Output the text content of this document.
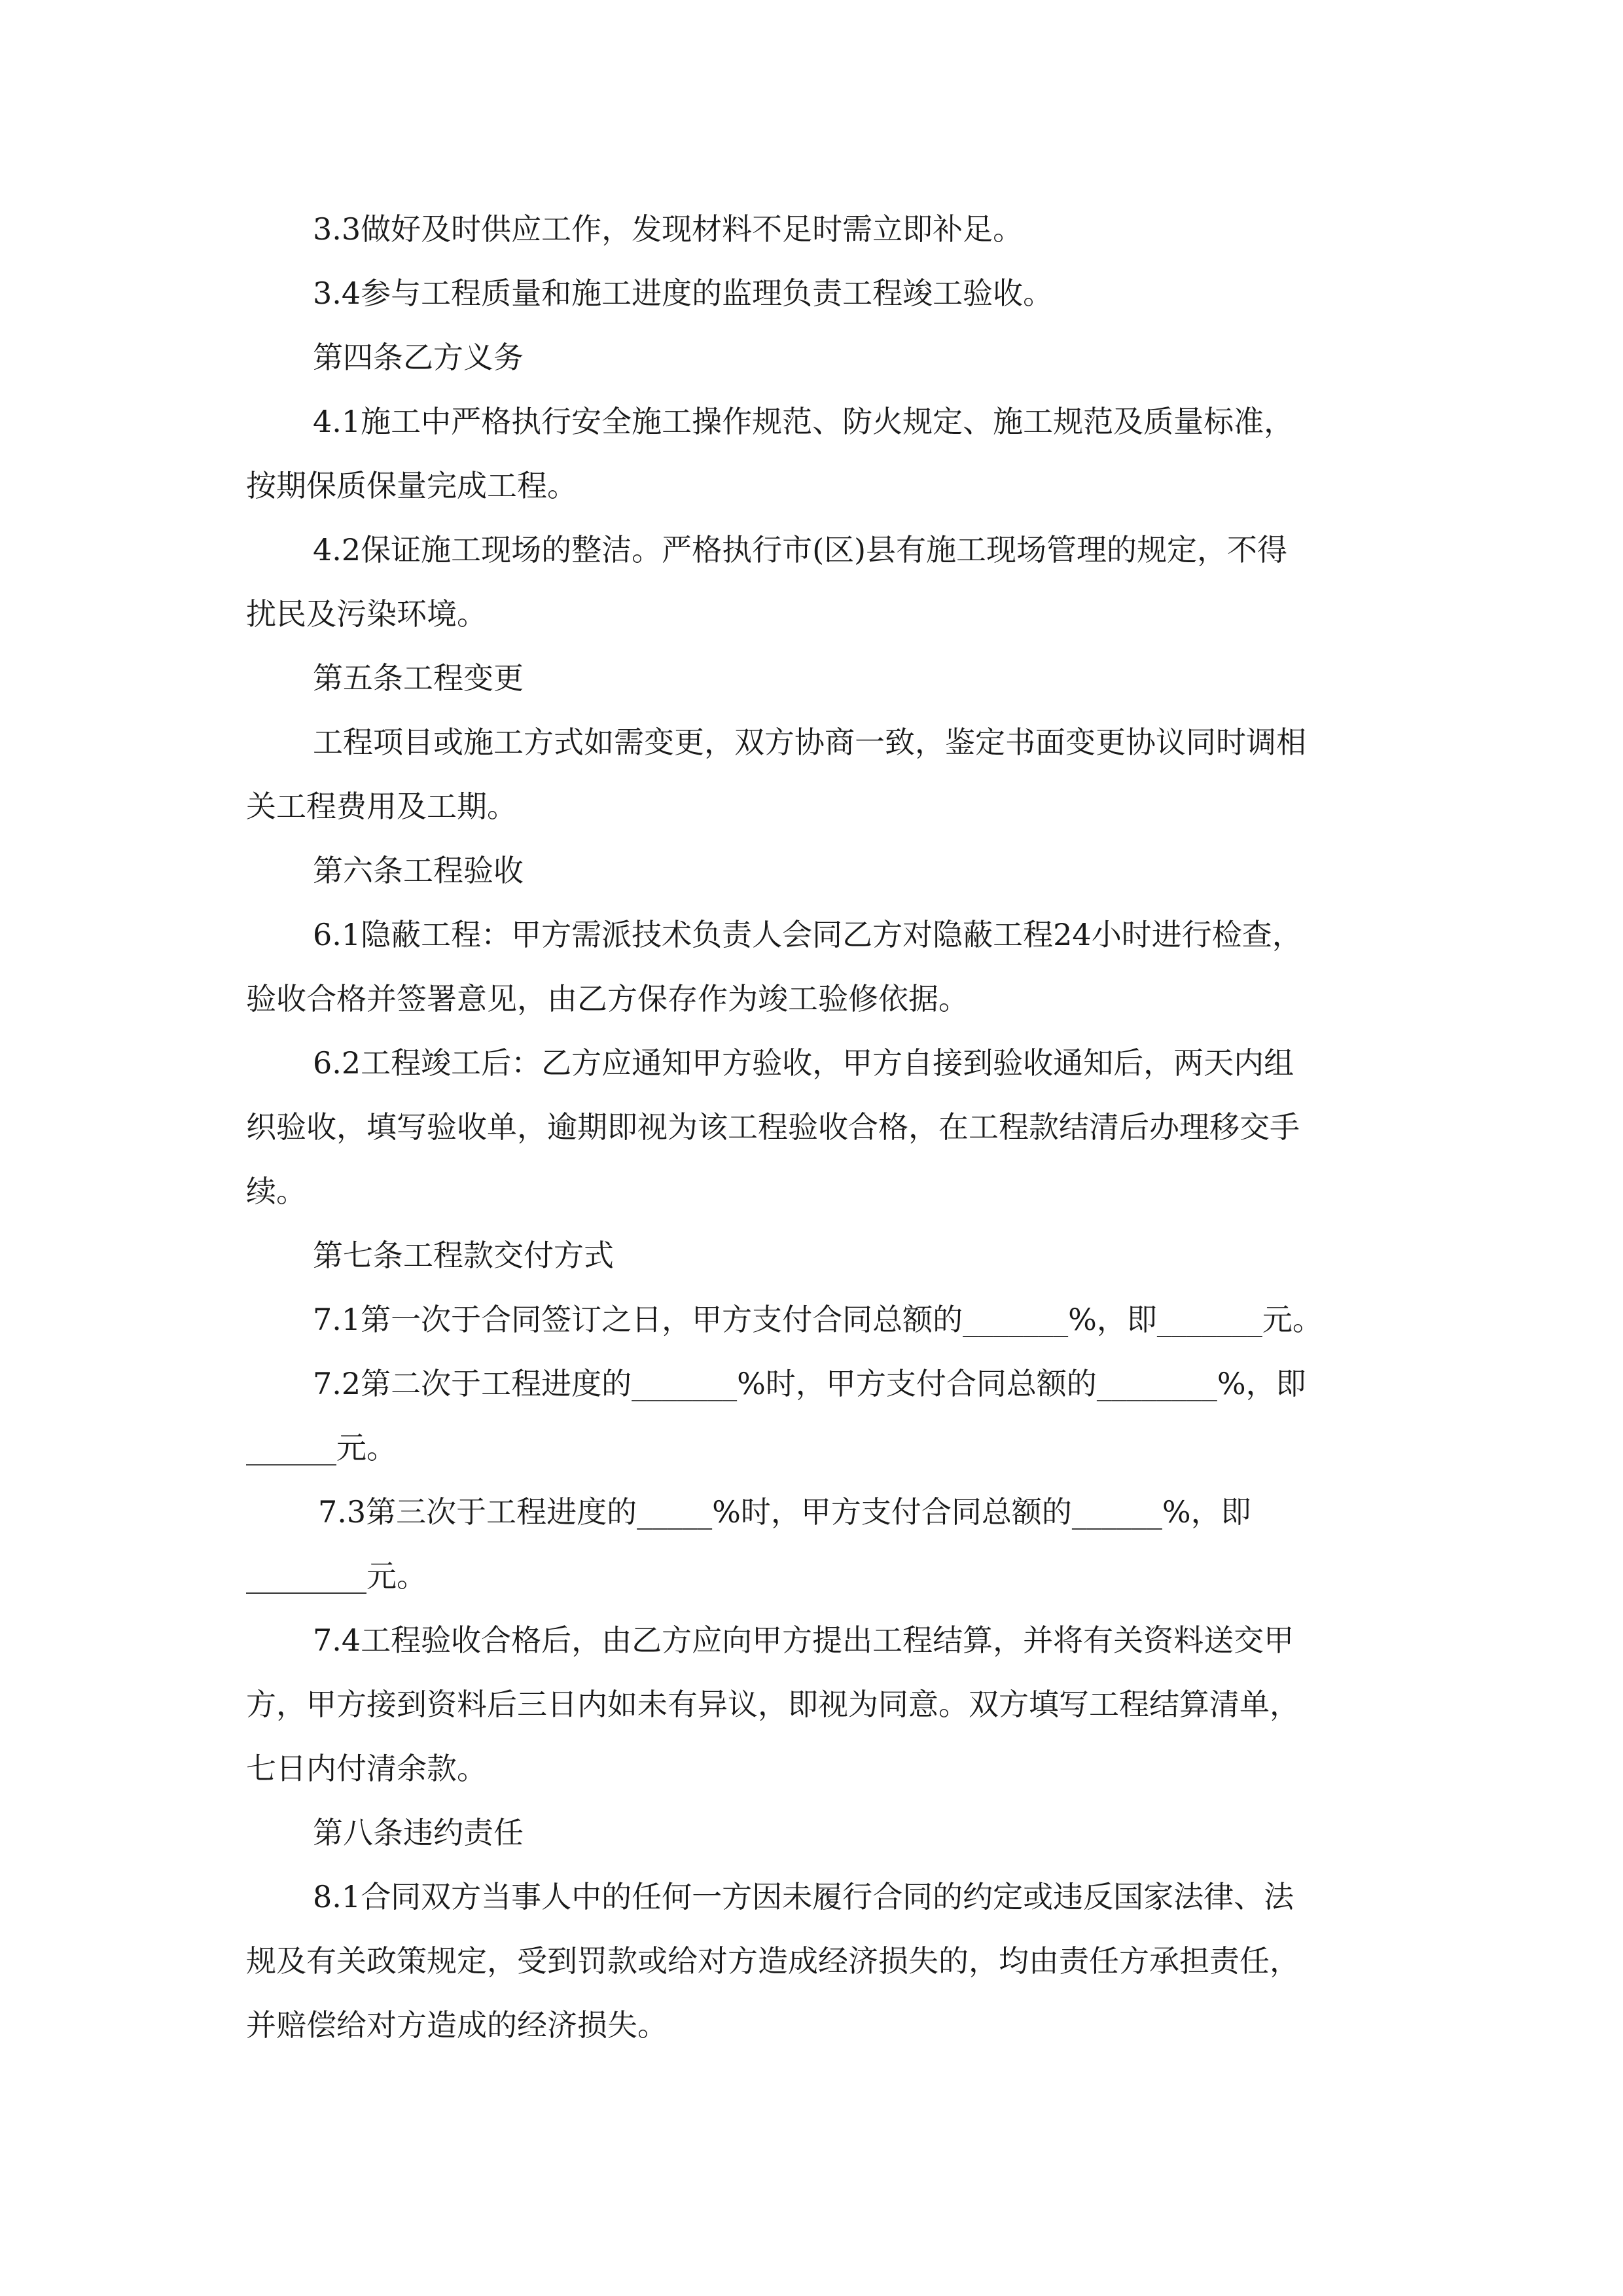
3.3做好及时供应工作，发现材料不足时需立即补足。

3.4参与工程质量和施工进度的监理负责工程竣工验收。

第四条乙方义务

4.1施工中严格执行安全施工操作规范、防火规定、施工规范及质量标准，

按期保质保量完成工程。

4.2保证施工现场的整洁。严格执行市(区)县有施工现场管理的规定，不得

扰民及污染环境。

第五条工程变更

工程项目或施工方式如需变更，双方协商一致，鉴定书面变更协议同时调相

关工程费用及工期。

第六条工程验收

6.1隐蔽工程：甲方需派技术负责人会同乙方对隐蔽工程24小时进行检查，

验收合格并签署意见，由乙方保存作为竣工验修依据。

6.2工程竣工后：乙方应通知甲方验收，甲方自接到验收通知后，两天内组

织验收，填写验收单，逾期即视为该工程验收合格，在工程款结清后办理移交手

续。

第七条工程款交付方式

7.1第一次于合同签订之日，甲方支付合同总额的_______%，即_______元。

7.2第二次于工程进度的_______%时，甲方支付合同总额的________%，即

______元。

7.3第三次于工程进度的_____%时，甲方支付合同总额的______%，即

________元。

7.4工程验收合格后，由乙方应向甲方提出工程结算，并将有关资料送交甲

方，甲方接到资料后三日内如未有异议，即视为同意。双方填写工程结算清单，

七日内付清余款。

第八条违约责任

8.1合同双方当事人中的任何一方因未履行合同的约定或违反国家法律、法

规及有关政策规定，受到罚款或给对方造成经济损失的，均由责任方承担责任，

并赔偿给对方造成的经济损失。
